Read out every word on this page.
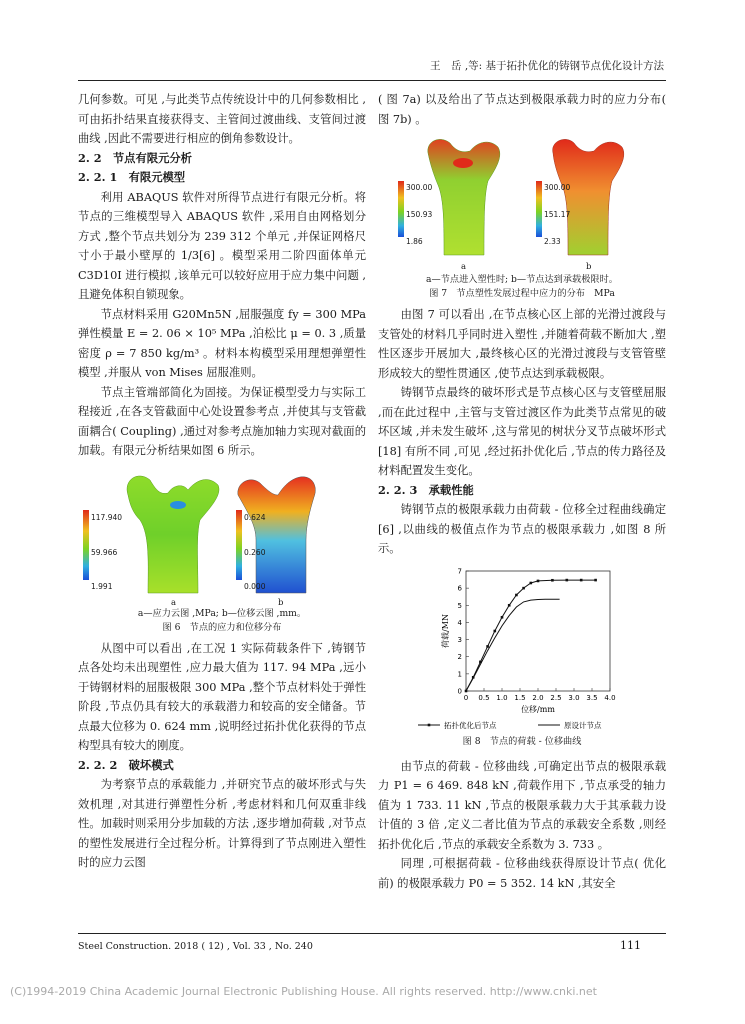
王　岳 ,等: 基于拓扑优化的铸钢节点优化设计方法

几何参数。可见 ,与此类节点传统设计中的几何参数相比 ,可由拓扑结果直接获得支、主管间过渡曲线、支管间过渡曲线 ,因此不需要进行相应的倒角参数设计。

2. 2　节点有限元分析

2. 2. 1　有限元模型

利用 ABAQUS 软件对所得节点进行有限元分析。将节点的三维模型导入 ABAQUS 软件 ,采用自由网格划分方式 ,整个节点共划分为 239 312 个单元 ,并保证网格尺寸小于最小壁厚的 1/3[6] 。模型采用二阶四面体单元 C3D10I 进行模拟 ,该单元可以较好应用于应力集中问题 ,且避免体积自锁现象。

节点材料采用 G20Mn5N ,屈服强度 fy = 300 MPa 弹性模量 E = 2. 06 × 10⁵ MPa ,泊松比 μ = 0. 3 ,质量密度 ρ = 7 850 kg/m³ 。材料本构模型采用理想弹塑性模型 ,并服从 von Mises 屈服准则。

节点主管端部简化为固接。为保证模型受力与实际工程接近 ,在各支管截面中心处设置参考点 ,并使其与支管截面耦合( Coupling) ,通过对参考点施加轴力实现对截面的加载。有限元分析结果如图 6 所示。

117.940
59.966
1.991
0.624
0.260
0.000
a	b
a—应力云图 ,MPa; b—位移云图 ,mm。
图 6　节点的应力和位移分布

从图中可以看出 ,在工况 1 实际荷载条件下 ,铸钢节点各处均未出现塑性 ,应力最大值为 117. 94 MPa ,远小于铸钢材料的屈服极限 300 MPa ,整个节点材料处于弹性阶段 ,节点仍具有较大的承载潜力和较高的安全储备。节点最大位移为 0. 624 mm ,说明经过拓扑优化获得的节点构型具有较大的刚度。

2. 2. 2　破坏模式

为考察节点的承载能力 ,并研究节点的破坏形式与失效机理 ,对其进行弹塑性分析 ,考虑材料和几何双重非线性。加载时则采用分步加载的方法 ,逐步增加荷载 ,对节点的塑性发展进行全过程分析。计算得到了节点刚进入塑性时的应力云图

( 图 7a) 以及给出了节点达到极限承载力时的应力分布( 图 7b) 。

300.00
150.93
1.86
300.00
151.17
2.33
a	b
a—节点进入塑性时; b—节点达到承载极限时。
图 7　节点塑性发展过程中应力的分布　MPa

由图 7 可以看出 ,在节点核心区上部的光滑过渡段与支管处的材料几乎同时进入塑性 ,并随着荷载不断加大 ,塑性区逐步开展加大 ,最终核心区的光滑过渡段与支管管壁形成较大的塑性贯通区 ,使节点达到承载极限。

铸钢节点最终的破坏形式是节点核心区与支管壁屈服 ,而在此过程中 ,主管与支管过渡区作为此类节点常见的破坏区域 ,并未发生破坏 ,这与常见的树状分叉节点破坏形式[18] 有所不同 ,可见 ,经过拓扑优化后 ,节点的传力路径及材料配置发生变化。

2. 2. 3　承载性能

铸钢节点的极限承载力由荷载 - 位移全过程曲线确定[6] ,以曲线的极值点作为节点的极限承载力 ,如图 8 所示。

0 0.5 1.0 1.5 2.0 2.5 3.0 3.5 4.0
0
1
2
3
4
5
6
7
位移/mm
荷载/MN
拓扑优化后节点	原设计节点
图 8　节点的荷载 - 位移曲线

由节点的荷载 - 位移曲线 ,可确定出节点的极限承载力 P1 = 6 469. 848 kN ,荷载作用下 ,节点承受的轴力值为 1 733. 11 kN ,节点的极限承载力大于其承载力设计值的 3 倍 ,定义二者比值为节点的承载安全系数 ,则经拓扑优化后 ,节点的承载安全系数为 3. 733 。

同理 ,可根据荷载 - 位移曲线获得原设计节点( 优化前) 的极限承载力 P0 = 5 352. 14 kN ,其安全

Steel Construction. 2018 ( 12) , Vol. 33 , No. 240	111
(C)1994-2019 China Academic Journal Electronic Publishing House. All rights reserved. http://www.cnki.net
